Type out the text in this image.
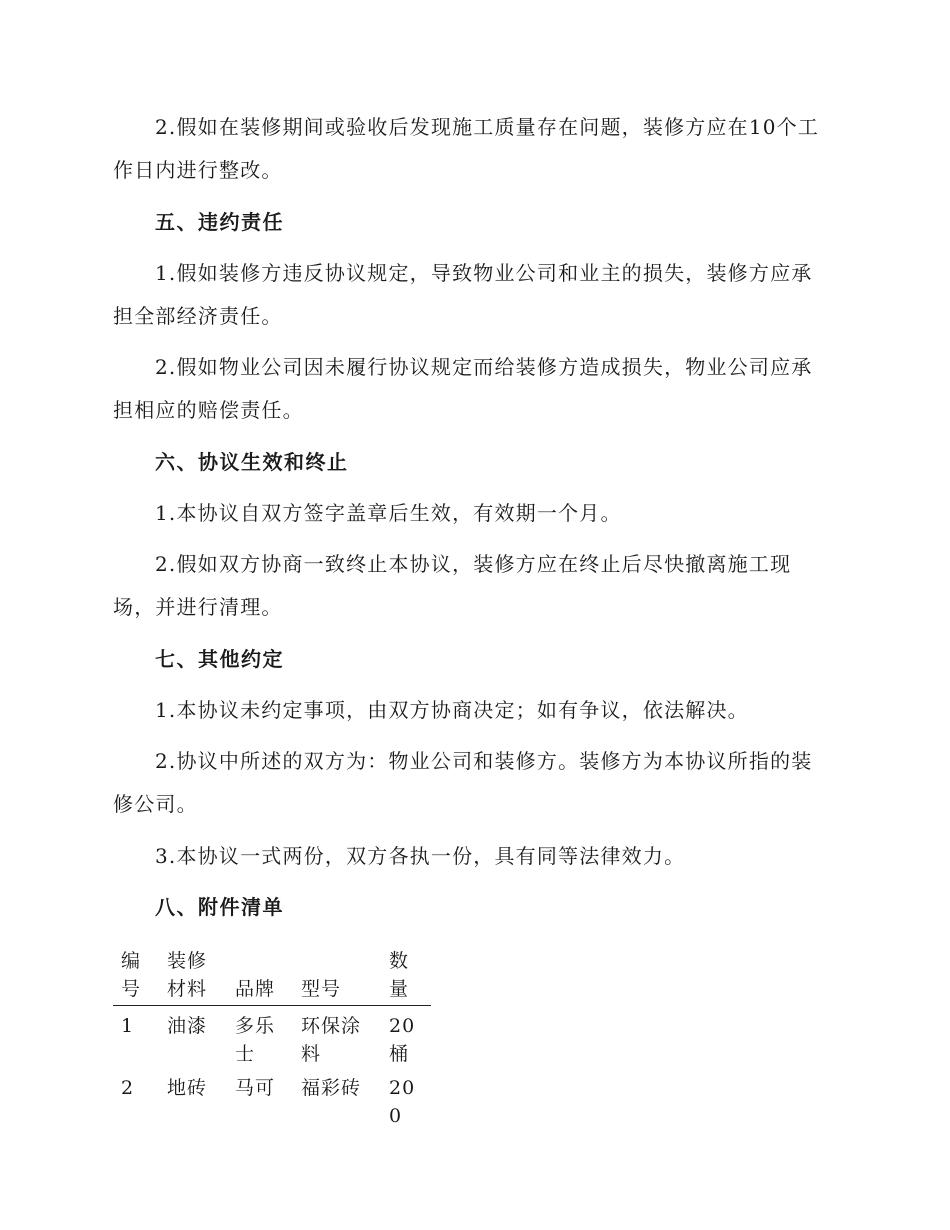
2.假如在装修期间或验收后发现施工质量存在问题，装修方应在10个工
作日内进行整改。
五、违约责任
1.假如装修方违反协议规定，导致物业公司和业主的损失，装修方应承
担全部经济责任。
2.假如物业公司因未履行协议规定而给装修方造成损失，物业公司应承
担相应的赔偿责任。
六、协议生效和终止
1.本协议自双方签字盖章后生效，有效期一个月。
2.假如双方协商一致终止本协议，装修方应在终止后尽快撤离施工现
场，并进行清理。
七、其他约定
1.本协议未约定事项，由双方协商决定；如有争议，依法解决。
2.协议中所述的双方为：物业公司和装修方。装修方为本协议所指的装
修公司。
3.本协议一式两份，双方各执一份，具有同等法律效力。
八、附件清单
编号	装修材料	品牌	型号	数量
1	油漆	多乐士	环保涂料	20桶
2	地砖	马可	福彩砖	200
